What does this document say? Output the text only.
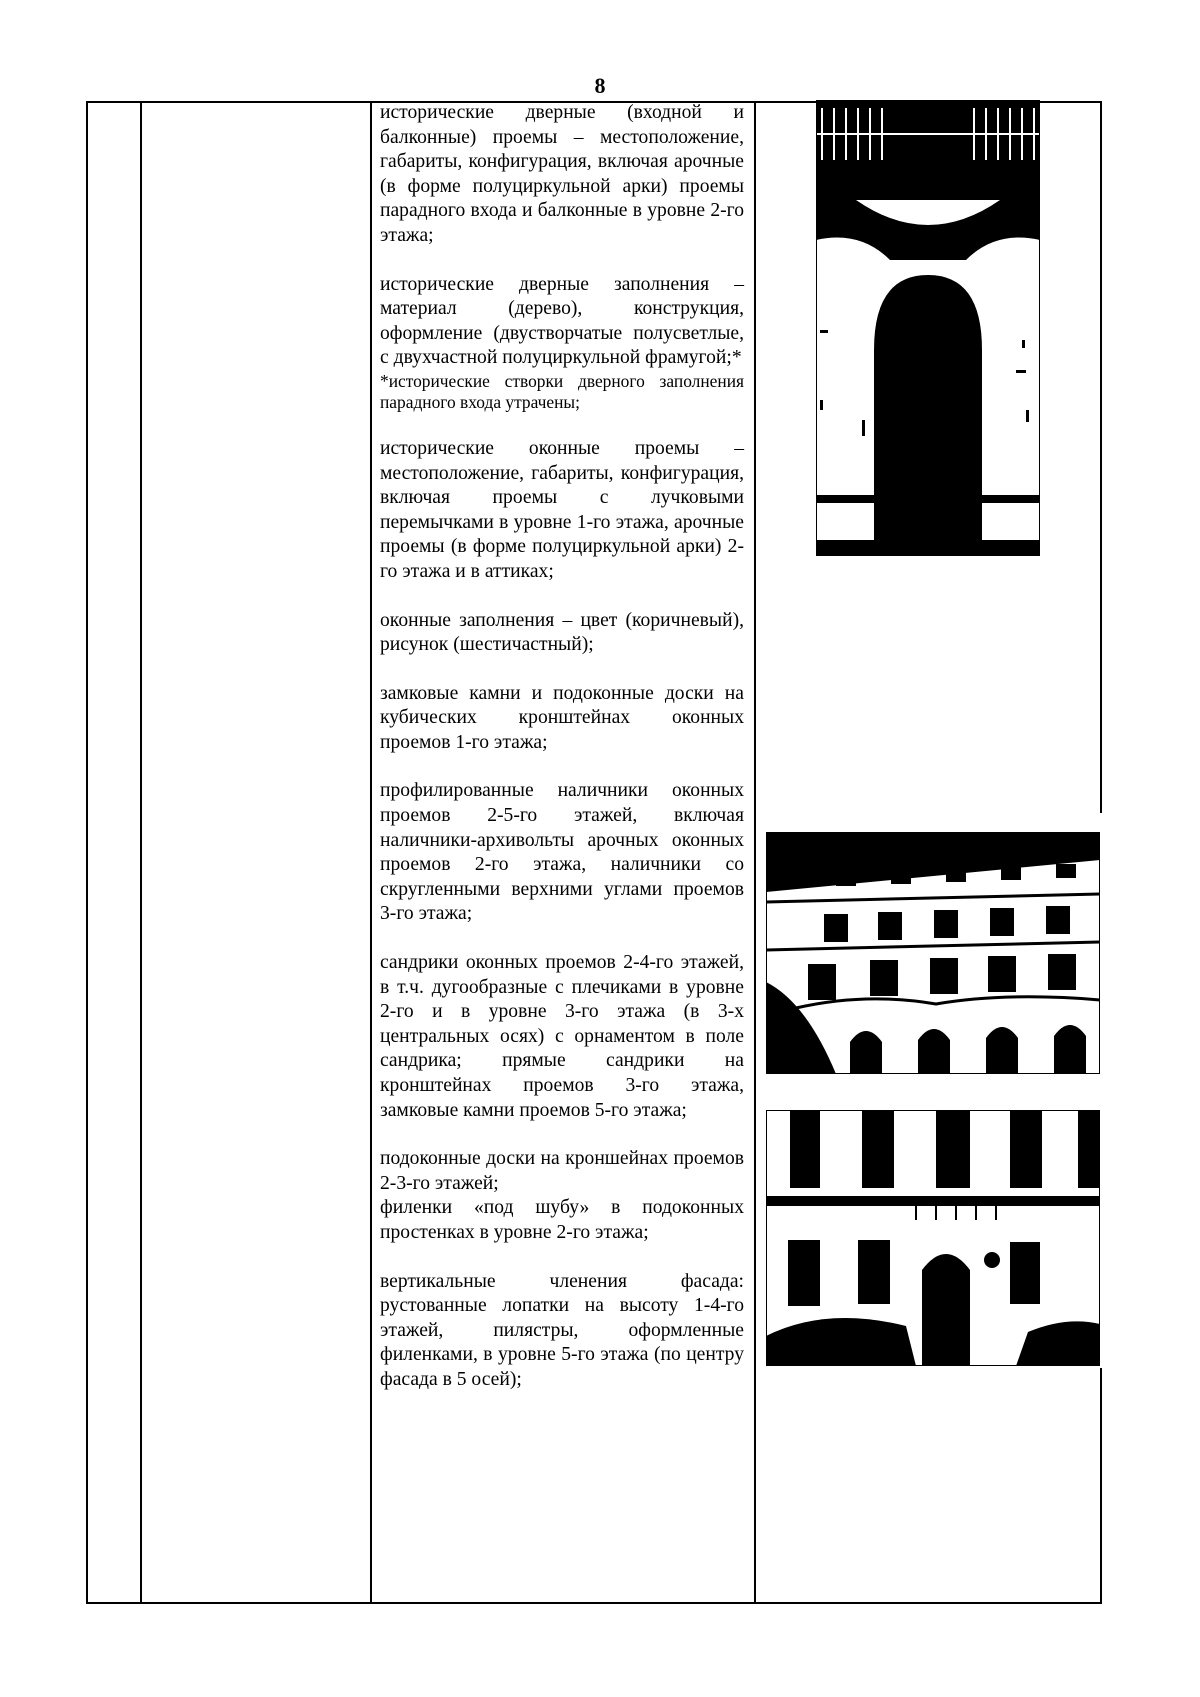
8

исторические дверные (входной и балконные) проемы – местоположение, габариты, конфигурация, включая арочные (в форме полуциркульной арки) проемы парадного входа и балконные в уровне 2-го этажа;

исторические дверные заполнения – материал (дерево), конструкция, оформление (двустворчатые полусветлые, с двухчастной полуциркульной фрамугой;*

*исторические створки дверного заполнения парадного входа утрачены;

исторические оконные проемы – местоположение, габариты, конфигурация, включая проемы с лучковыми перемычками в уровне 1-го этажа, арочные проемы (в форме полуциркульной арки) 2-го этажа и в аттиках;

оконные заполнения – цвет (коричневый), рисунок (шестичастный);

замковые камни и подоконные доски на кубических кронштейнах оконных проемов 1-го этажа;

профилированные наличники оконных проемов 2-5-го этажей, включая наличники-архивольты арочных оконных проемов 2-го этажа, наличники со скругленными верхними углами проемов 3-го этажа;

сандрики оконных проемов 2-4-го этажей, в т.ч. дугообразные с плечиками в уровне 2-го и в уровне 3-го этажа (в 3-х центральных осях) с орнаментом в поле сандрика; прямые сандрики на кронштейнах проемов 3-го этажа, замковые камни проемов 5-го этажа;

подоконные доски на кроншейнах проемов 2-3-го этажей;

филенки «под шубу» в подоконных простенках в уровне 2-го этажа;

вертикальные членения фасада: рустованные лопатки на высоту 1-4-го этажей, пилястры, оформленные филенками, в уровне 5-го этажа (по центру фасада в 5 осей);
